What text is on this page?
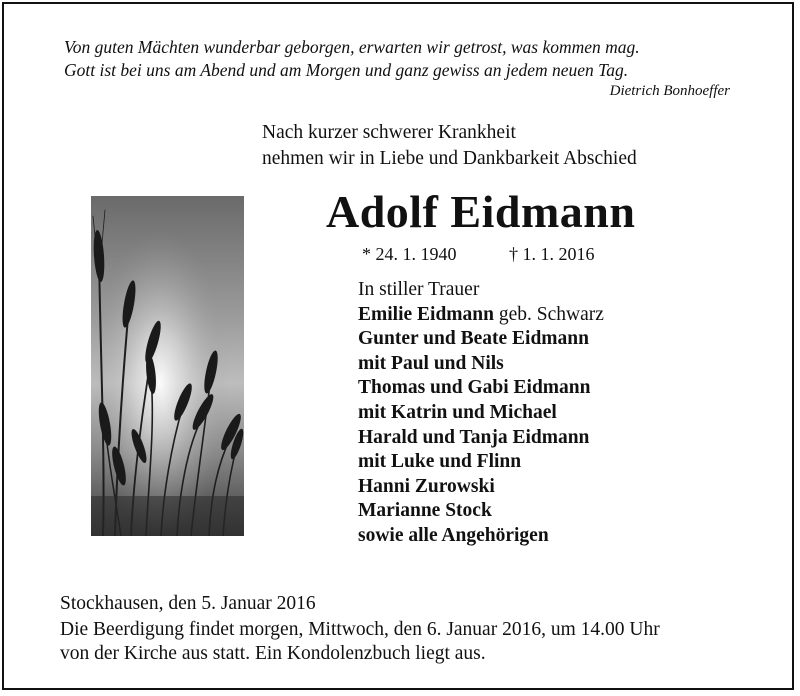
Von guten Mächten wunderbar geborgen, erwarten wir getrost, was kommen mag.
Gott ist bei uns am Abend und am Morgen und ganz gewiss an jedem neuen Tag.
Dietrich Bonhoeffer
Nach kurzer schwerer Krankheit
nehmen wir in Liebe und Dankbarkeit Abschied
Adolf Eidmann
* 24. 1. 1940	† 1. 1. 2016
In stiller Trauer
Emilie Eidmann geb. Schwarz
Gunter und Beate Eidmann
mit Paul und Nils
Thomas und Gabi Eidmann
mit Katrin und Michael
Harald und Tanja Eidmann
mit Luke und Flinn
Hanni Zurowski
Marianne Stock
sowie alle Angehörigen
Stockhausen, den 5. Januar 2016
Die Beerdigung findet morgen, Mittwoch, den 6. Januar 2016, um 14.00 Uhr
von der Kirche aus statt. Ein Kondolenzbuch liegt aus.
